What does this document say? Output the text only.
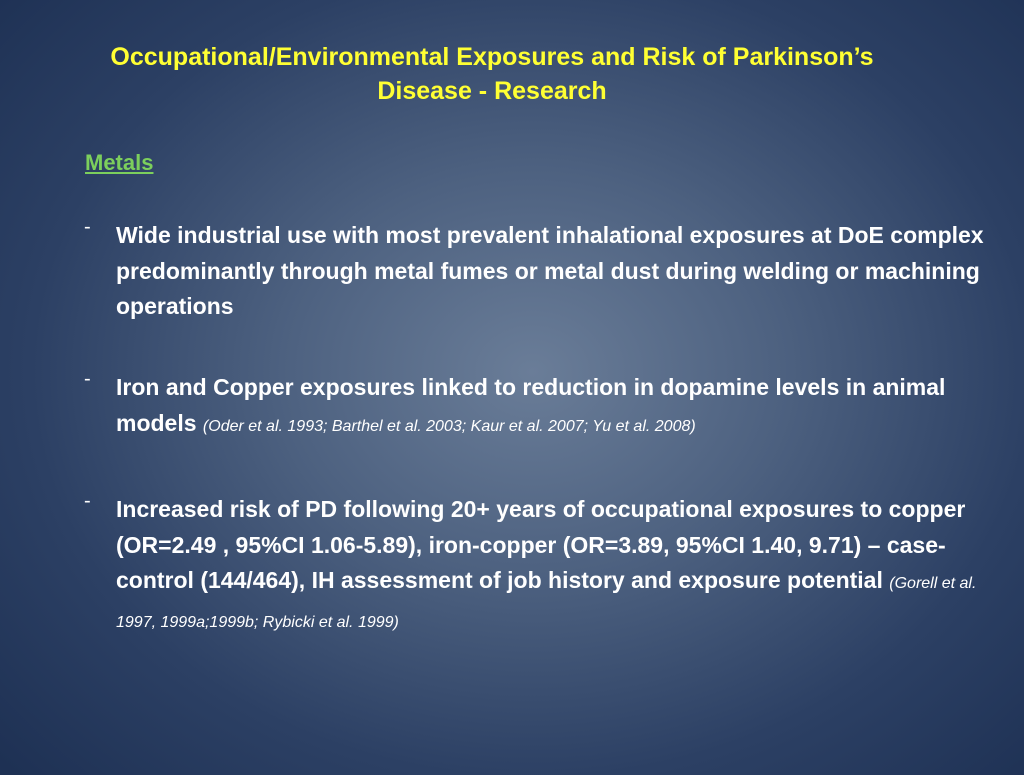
Occupational/Environmental Exposures and Risk of Parkinson’s Disease - Research
Metals
-	Wide industrial use with most prevalent inhalational exposures at DoE complex predominantly through metal fumes or metal dust during welding or machining operations
-	Iron and Copper exposures linked to reduction in dopamine levels in animal models (Oder et al. 1993; Barthel et al. 2003; Kaur et al. 2007; Yu et al. 2008)
-	Increased risk of PD following 20+ years of occupational exposures to copper (OR=2.49 , 95%CI 1.06-5.89), iron-copper (OR=3.89, 95%CI 1.40, 9.71) – case-control (144/464), IH assessment of job history and exposure potential (Gorell et al. 1997, 1999a;1999b; Rybicki et al. 1999)
